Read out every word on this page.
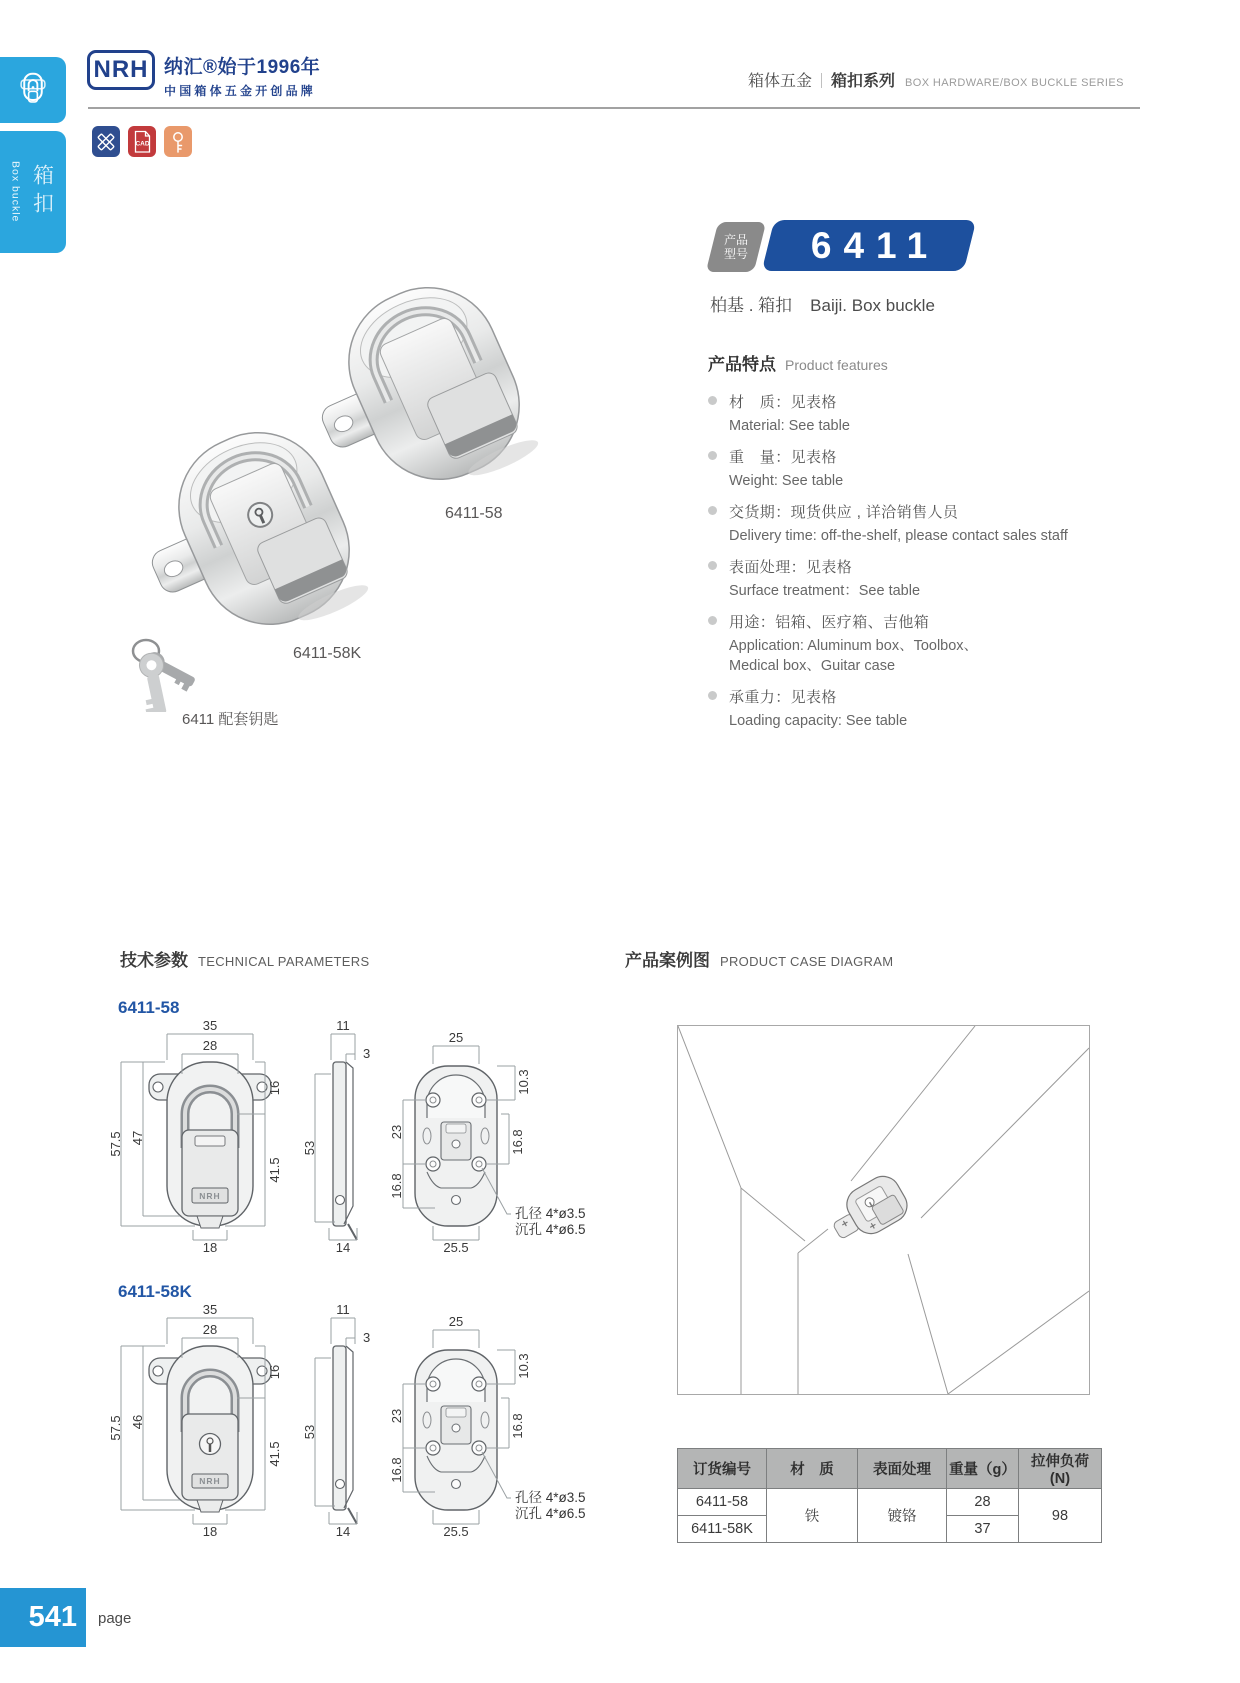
Box buckle 箱扣
NRH 纳汇®始于1996年
中国箱体五金开创品牌
箱体五金 ｜ 箱扣系列 BOX HARDWARE/BOX BUCKLE SERIES
CAD
6411-58
6411-58K
6411 配套钥匙
产品
型号	6411
柏基 . 箱扣 Baiji. Box buckle
产品特点 Product features
材　质：见表格
Material: See table
重　量：见表格
Weight: See table
交货期：现货供应 , 详洽销售人员
Delivery time: off-the-shelf, please contact sales staff
表面处理：见表格
Surface treatment：See table
用途：铝箱、医疗箱、吉他箱
Application: Aluminum box、Toolbox、
Medical box、Guitar case
承重力：见表格
Loading capacity: See table
技术参数 TECHNICAL PARAMETERS	产品案例图 PRODUCT CASE DIAGRAM
6411-58
NRH
35
28
57.5 47
16
41.5
18
11
3
53
14
25
10.3
23	16.8
16.8
25.5
孔径 4*ø3.5
沉孔 4*ø6.5
6411-58K
NRH
35
28
57.5 46
16
41.5
18
11
3
53
14
25
10.3
23	16.8
16.8
25.5
孔径 4*ø3.5
沉孔 4*ø6.5
订货编号	材　质	表面处理	重量（g）	拉伸负荷 (N)
6411-58	铁	镀铬	28	98
6411-58K			37	
541 page
